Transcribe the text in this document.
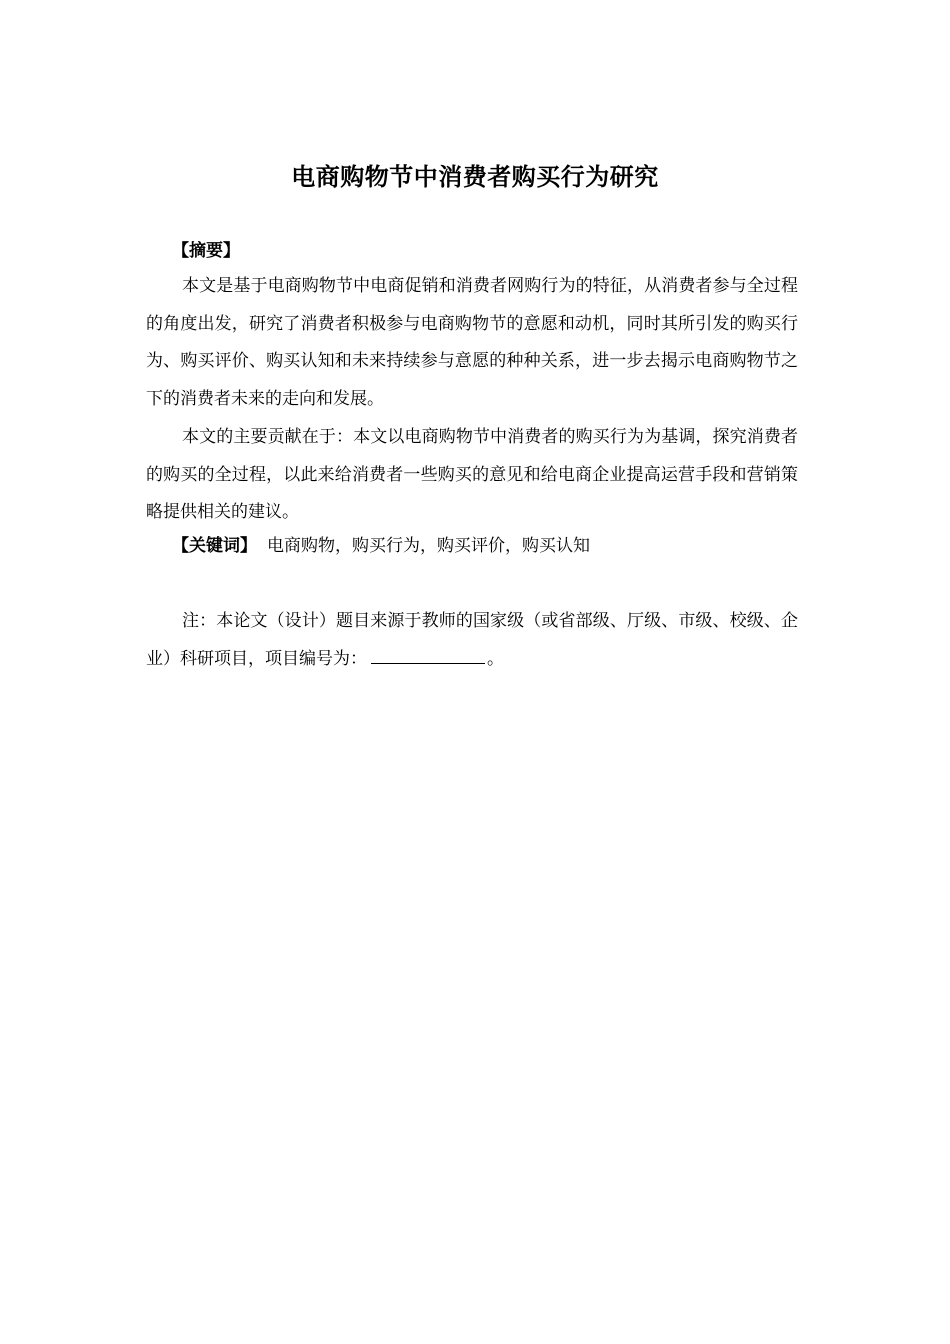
电商购物节中消费者购买行为研究
【摘要】

本文是基于电商购物节中电商促销和消费者网购行为的特征，从消费者参与全过程的角度出发，研究了消费者积极参与电商购物节的意愿和动机，同时其所引发的购买行为、购买评价、购买认知和未来持续参与意愿的种种关系，进一步去揭示电商购物节之下的消费者未来的走向和发展。

本文的主要贡献在于：本文以电商购物节中消费者的购买行为为基调，探究消费者的购买的全过程，以此来给消费者一些购买的意见和给电商企业提高运营手段和营销策略提供相关的建议。

【关键词】 电商购物，购买行为，购买评价，购买认知

注：本论文（设计）题目来源于教师的国家级（或省部级、厅级、市级、校级、企业）科研项目，项目编号为：	。
